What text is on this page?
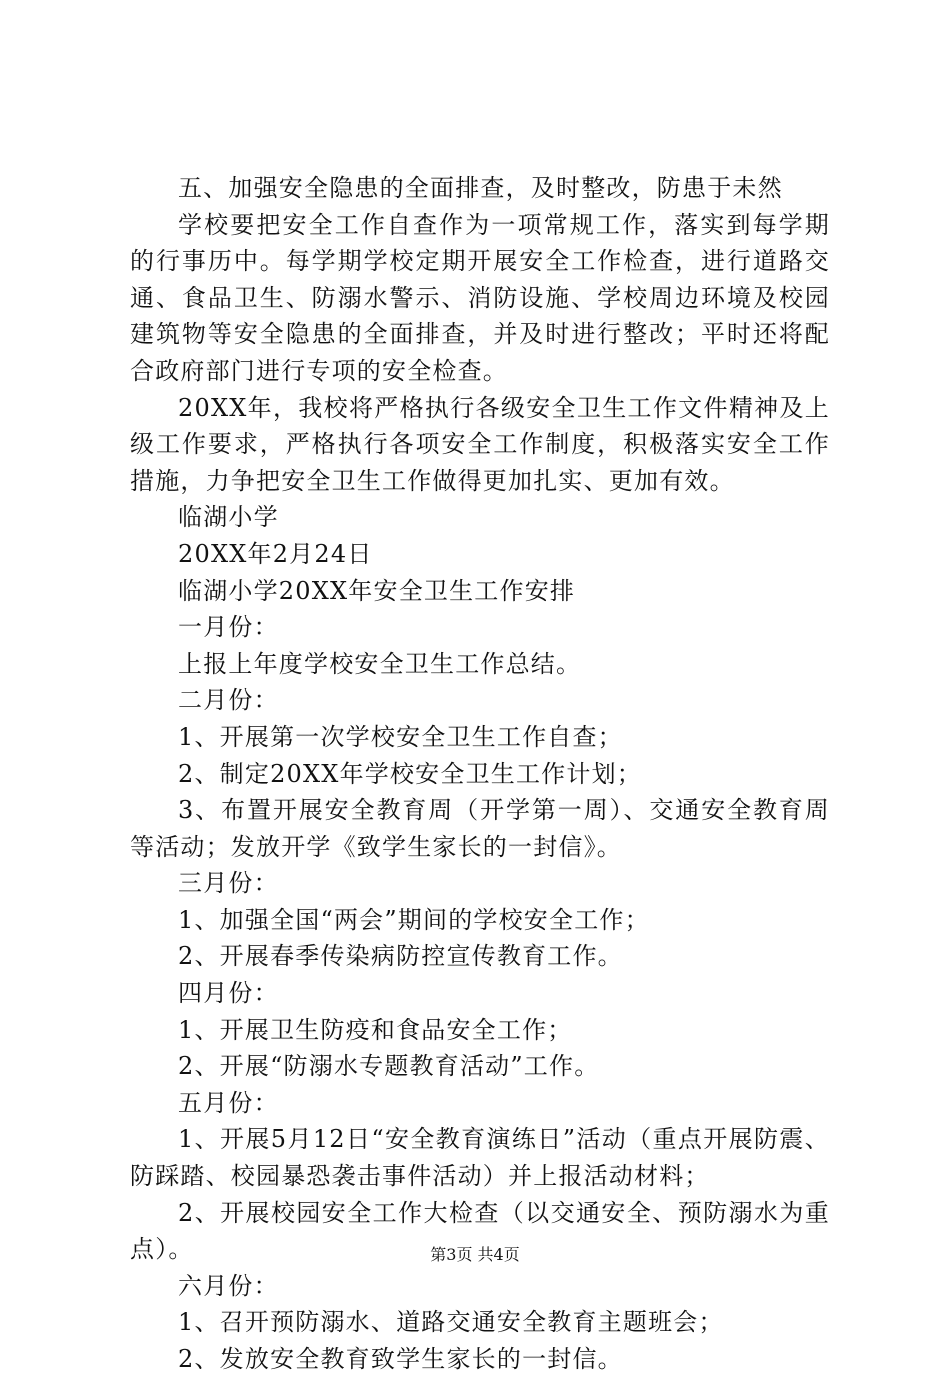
五、加强安全隐患的全面排查，及时整改，防患于未然

学校要把安全工作自查作为一项常规工作，落实到每学期的行事历中。每学期学校定期开展安全工作检查，进行道路交通、食品卫生、防溺水警示、消防设施、学校周边环境及校园建筑物等安全隐患的全面排查，并及时进行整改；平时还将配合政府部门进行专项的安全检查。

20XX年，我校将严格执行各级安全卫生工作文件精神及上级工作要求，严格执行各项安全工作制度，积极落实安全工作措施，力争把安全卫生工作做得更加扎实、更加有效。

临湖小学

20XX年2月24日

临湖小学20XX年安全卫生工作安排

一月份：

上报上年度学校安全卫生工作总结。

二月份：

1、开展第一次学校安全卫生工作自查；

2、制定20XX年学校安全卫生工作计划；

3、布置开展安全教育周（开学第一周）、交通安全教育周等活动；发放开学《致学生家长的一封信》。

三月份：

1、加强全国“两会”期间的学校安全工作；

2、开展春季传染病防控宣传教育工作。

四月份：

1、开展卫生防疫和食品安全工作；

2、开展“防溺水专题教育活动”工作。

五月份：

1、开展5月12日“安全教育演练日”活动（重点开展防震、防踩踏、校园暴恐袭击事件活动）并上报活动材料；

2、开展校园安全工作大检查（以交通安全、预防溺水为重点）。

六月份：

1、召开预防溺水、道路交通安全教育主题班会；

2、发放安全教育致学生家长的一封信。

第3页 共4页
